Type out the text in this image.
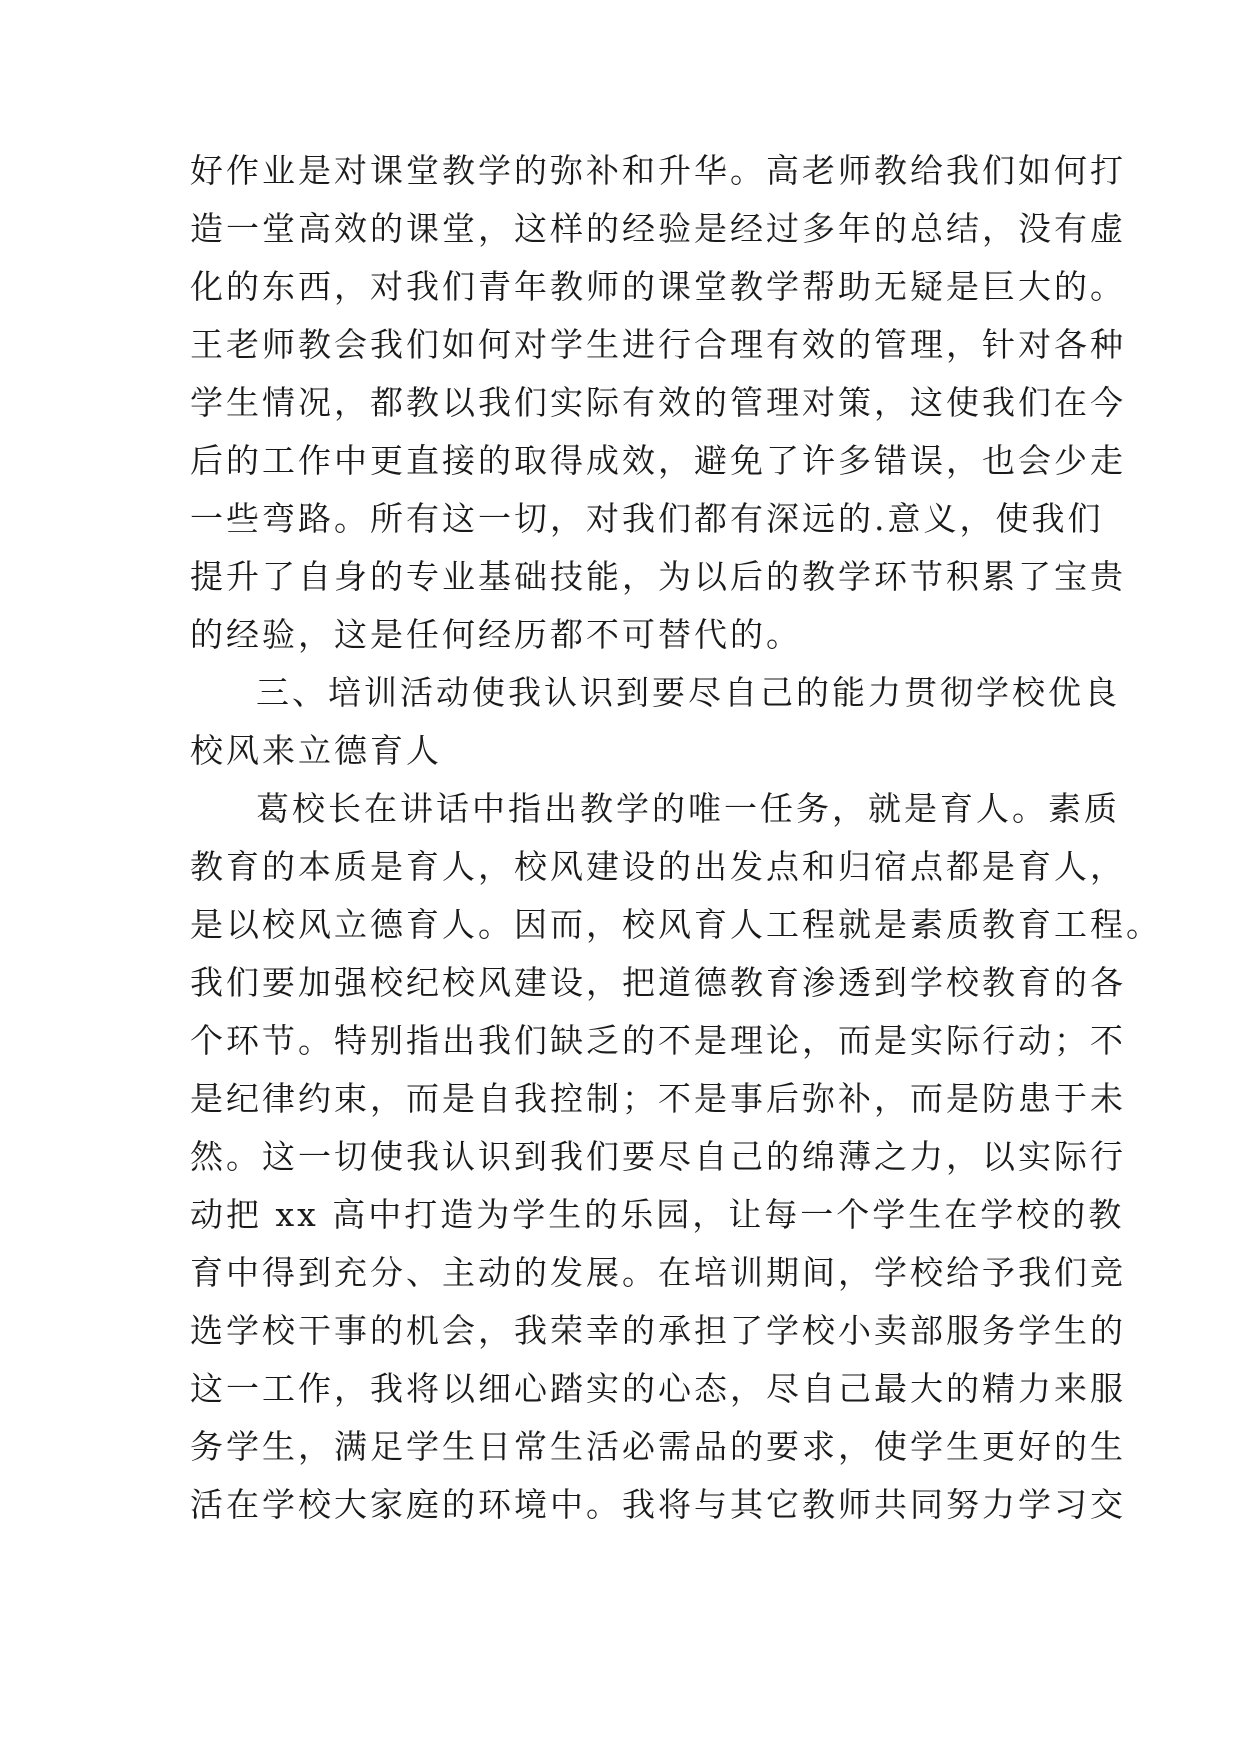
好作业是对课堂教学的弥补和升华。高老师教给我们如何打
造一堂高效的课堂，这样的经验是经过多年的总结，没有虚
化的东西，对我们青年教师的课堂教学帮助无疑是巨大的。
王老师教会我们如何对学生进行合理有效的管理，针对各种
学生情况，都教以我们实际有效的管理对策，这使我们在今
后的工作中更直接的取得成效，避免了许多错误，也会少走
一些弯路。所有这一切，对我们都有深远的.意义，使我们
提升了自身的专业基础技能，为以后的教学环节积累了宝贵
的经验，这是任何经历都不可替代的。
三、培训活动使我认识到要尽自己的能力贯彻学校优良
校风来立德育人
葛校长在讲话中指出教学的唯一任务，就是育人。素质
教育的本质是育人，校风建设的出发点和归宿点都是育人，
是以校风立德育人。因而，校风育人工程就是素质教育工程。
我们要加强校纪校风建设，把道德教育渗透到学校教育的各
个环节。特别指出我们缺乏的不是理论，而是实际行动；不
是纪律约束，而是自我控制；不是事后弥补，而是防患于未
然。这一切使我认识到我们要尽自己的绵薄之力，以实际行
动把 xx 高中打造为学生的乐园，让每一个学生在学校的教
育中得到充分、主动的发展。在培训期间，学校给予我们竞
选学校干事的机会，我荣幸的承担了学校小卖部服务学生的
这一工作，我将以细心踏实的心态，尽自己最大的精力来服
务学生，满足学生日常生活必需品的要求，使学生更好的生
活在学校大家庭的环境中。我将与其它教师共同努力学习交
